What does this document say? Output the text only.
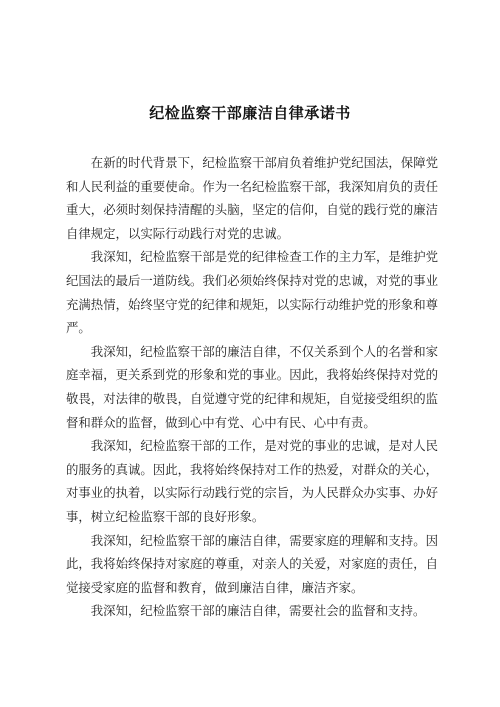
纪检监察干部廉洁自律承诺书

在新的时代背景下，纪检监察干部肩负着维护党纪国法，保障党和人民利益的重要使命。作为一名纪检监察干部，我深知肩负的责任重大，必须时刻保持清醒的头脑，坚定的信仰，自觉的践行党的廉洁自律规定，以实际行动践行对党的忠诚。

我深知，纪检监察干部是党的纪律检查工作的主力军，是维护党纪国法的最后一道防线。我们必须始终保持对党的忠诚，对党的事业充满热情，始终坚守党的纪律和规矩，以实际行动维护党的形象和尊严。

我深知，纪检监察干部的廉洁自律，不仅关系到个人的名誉和家庭幸福，更关系到党的形象和党的事业。因此，我将始终保持对党的敬畏，对法律的敬畏，自觉遵守党的纪律和规矩，自觉接受组织的监督和群众的监督，做到心中有党、心中有民、心中有责。

我深知，纪检监察干部的工作，是对党的事业的忠诚，是对人民的服务的真诚。因此，我将始终保持对工作的热爱，对群众的关心，对事业的执着，以实际行动践行党的宗旨，为人民群众办实事、办好事，树立纪检监察干部的良好形象。

我深知，纪检监察干部的廉洁自律，需要家庭的理解和支持。因此，我将始终保持对家庭的尊重，对亲人的关爱，对家庭的责任，自觉接受家庭的监督和教育，做到廉洁自律，廉洁齐家。

我深知，纪检监察干部的廉洁自律，需要社会的监督和支持。
